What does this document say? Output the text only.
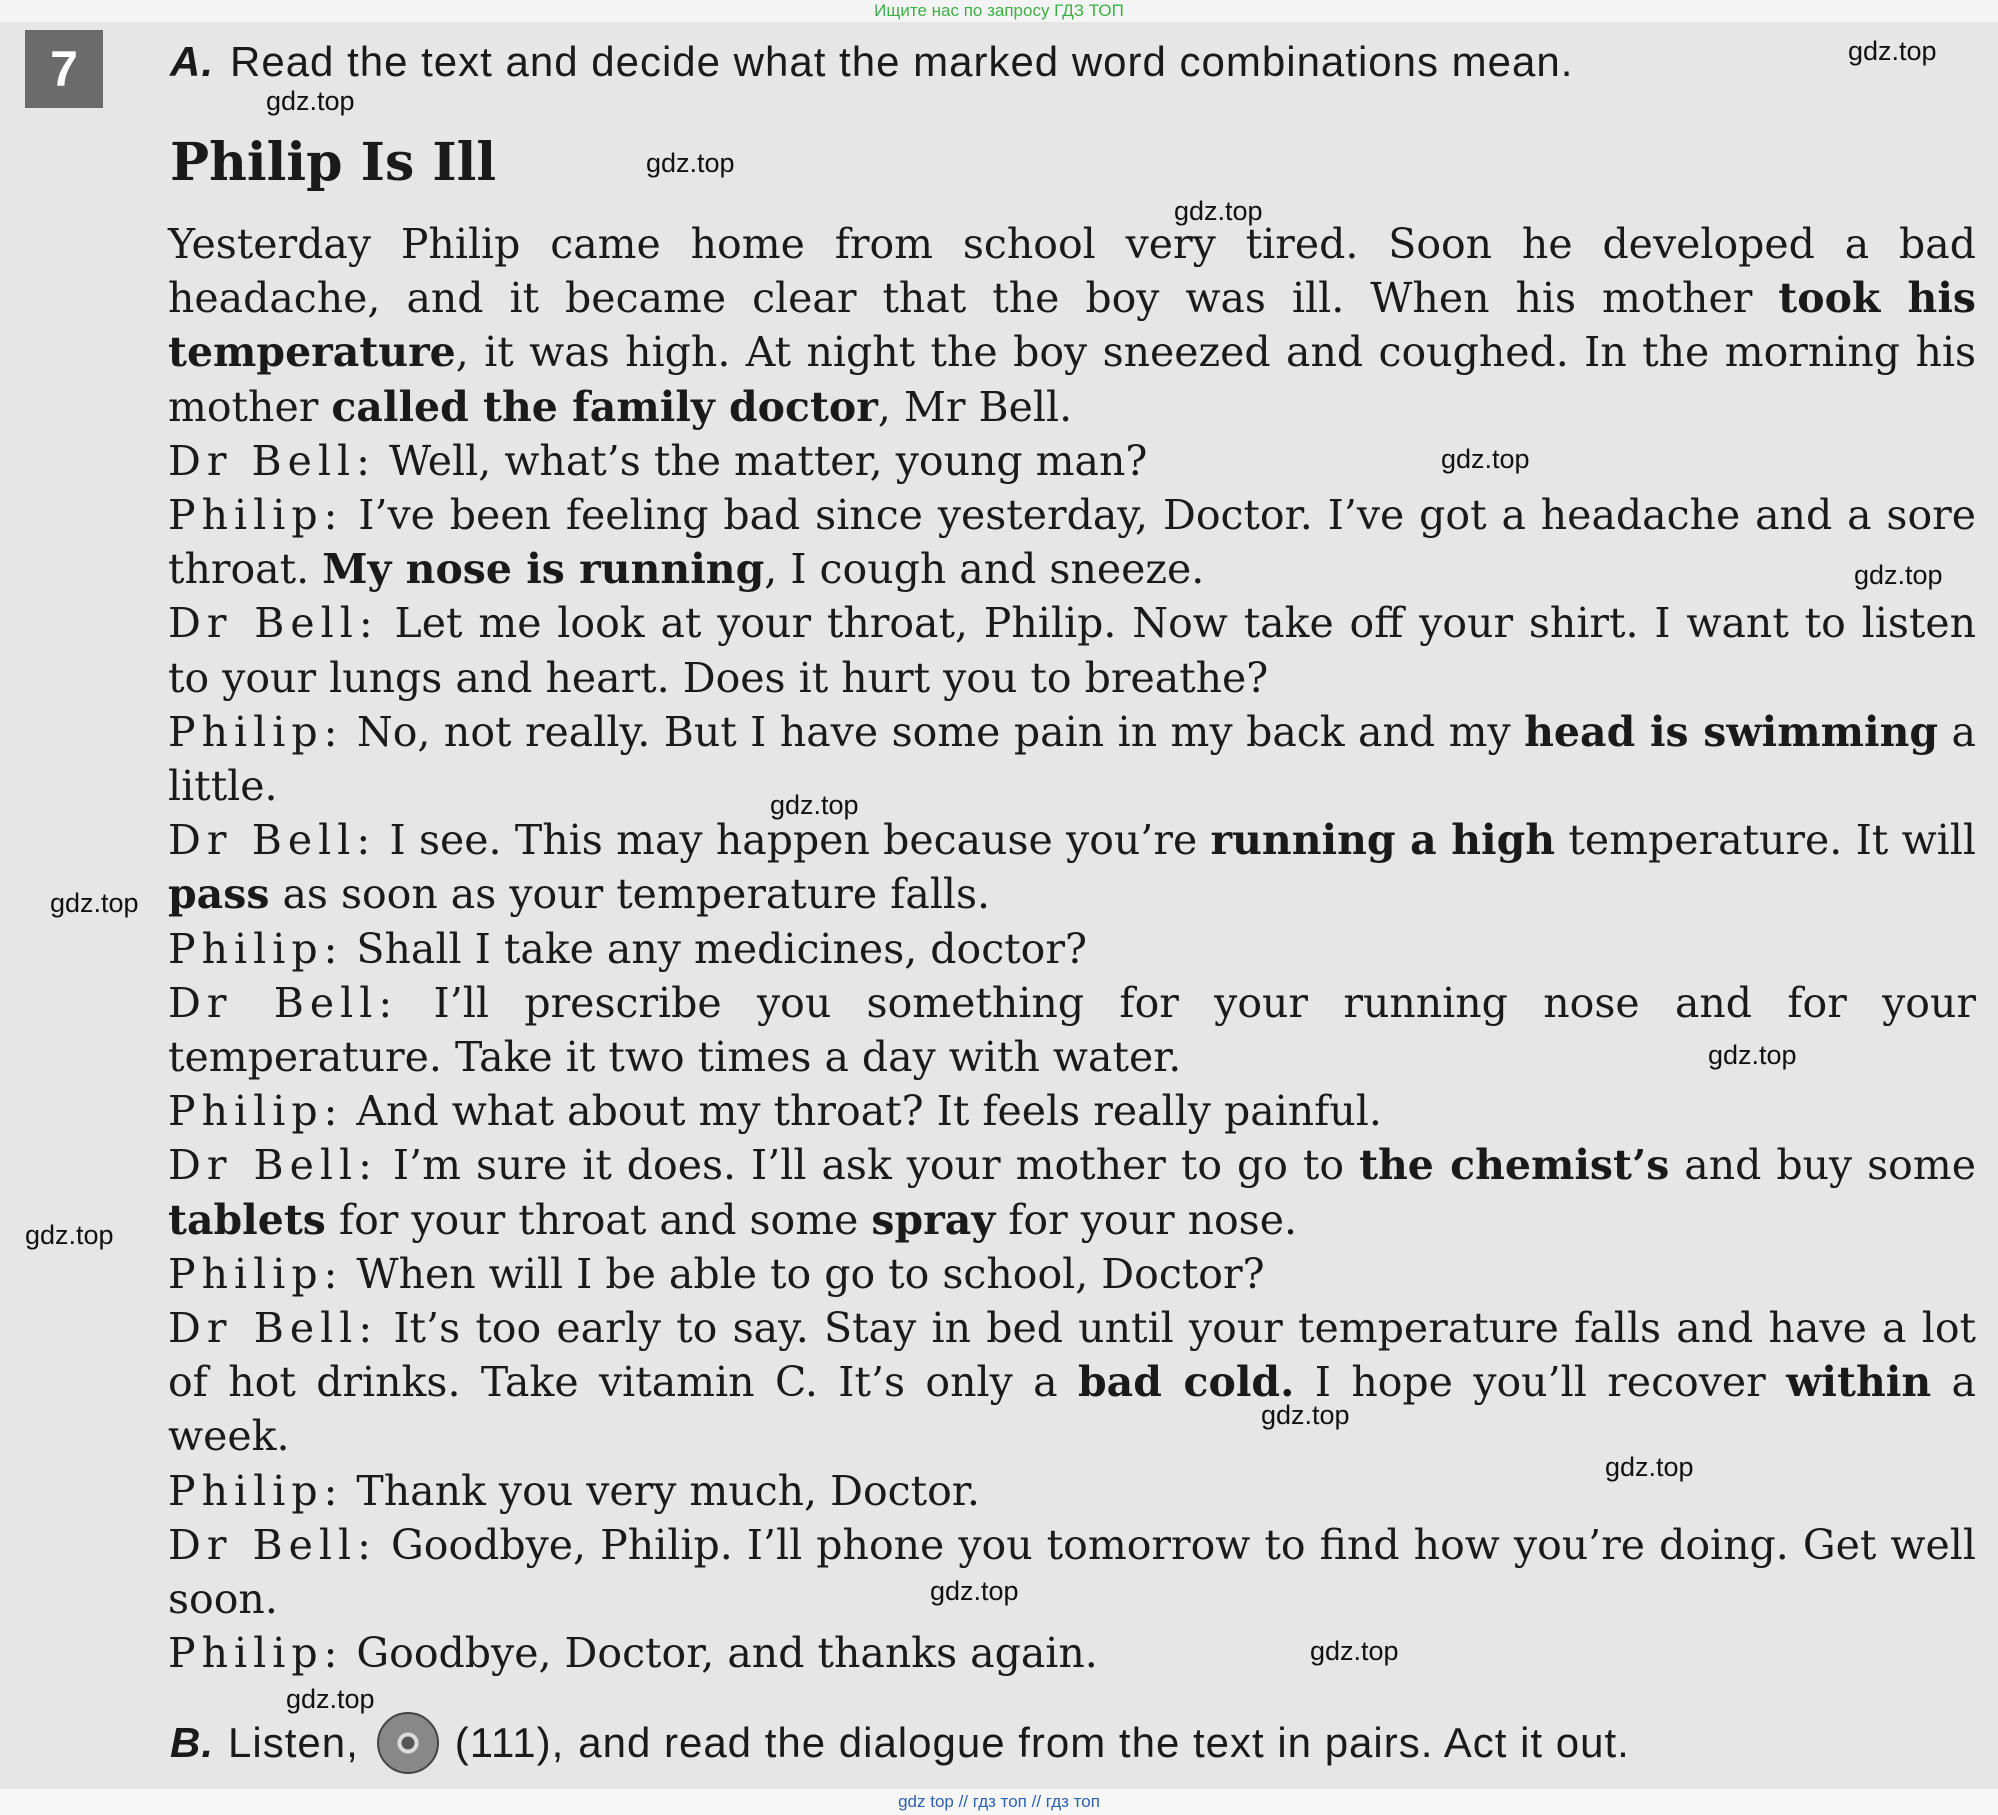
Ищите нас по запросу ГДЗ ТОП
7	A. Read the text and decide what the marked word combinations mean.
Philip Is Ill

Yesterday Philip came home from school very tired. Soon he developed a bad headache, and it became clear that the boy was ill. When his mother took his temperature, it was high. At night the boy sneezed and coughed. In the morning his mother called the family doctor, Mr Bell.

Dr Bell: Well, what’s the matter, young man?

Philip: I’ve been feeling bad since yesterday, Doctor. I’ve got a headache and a sore throat. My nose is running, I cough and sneeze.

Dr Bell: Let me look at your throat, Philip. Now take off your shirt. I want to listen to your lungs and heart. Does it hurt you to breathe?

Philip: No, not really. But I have some pain in my back and my head is swimming a little.

Dr Bell: I see. This may happen because you’re running a high temperature. It will pass as soon as your temperature falls.

Philip: Shall I take any medicines, doctor?

Dr Bell: I’ll prescribe you something for your running nose and for your temperature. Take it two times a day with water.

Philip: And what about my throat? It feels really painful.

Dr Bell: I’m sure it does. I’ll ask your mother to go to the chemist’s and buy some tablets for your throat and some spray for your nose.

Philip: When will I be able to go to school, Doctor?

Dr Bell: It’s too early to say. Stay in bed until your temperature falls and have a lot of hot drinks. Take vitamin C. It’s only a bad cold. I hope you’ll recover within a week.

Philip: Thank you very much, Doctor.

Dr Bell: Goodbye, Philip. I’ll phone you tomorrow to find how you’re doing. Get well soon.

Philip: Goodbye, Doctor, and thanks again.

B. Listen, (111), and read the dialogue from the text in pairs. Act it out.
gdz.top
gdz.top
gdz.top
gdz.top
gdz.top
gdz.top
gdz.top
gdz.top
gdz.top
gdz.top
gdz.top
gdz.top
gdz.top
gdz.top
gdz.top
gdz top // гдз топ // гдз топ
